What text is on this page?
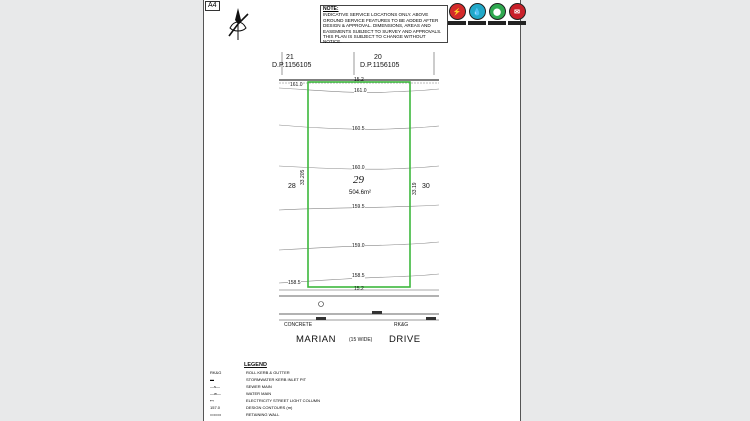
A4	NOTE:
INDICATIVE SERVICE LOCATIONS ONLY. ABOVE GROUND SERVICE FEATURES TO BE ADDED AFTER DESIGN & APPROVAL. DIMENSIONS, AREAS AND EASEMENTS SUBJECT TO SURVEY AND APPROVALS. THIS PLAN IS SUBJECT TO CHANGE WITHOUT NOTICE.
⚡	💧	⬤	✉
21
D.P.1156105
20
D.P.1156105
15.2
15.2
33.205
33.19
161.0
161.0
160.5
160.0
159.5
159.0
158.5
158.5
28	30
29
504.6m²
CONCRETE	RK&G
MARIAN	(15 WIDE) DRIVE
LEGEND
RK&G	ROLL KERB & GUTTER
▬	STORMWATER KERB INLET PIT
—s—	SEWER MAIN
—w—	WATER MAIN
⊷	ELECTRICITY STREET LIGHT COLUMN
157.0	DESIGN CONTOURS (m)
▭▭▭	RETAINING WALL
